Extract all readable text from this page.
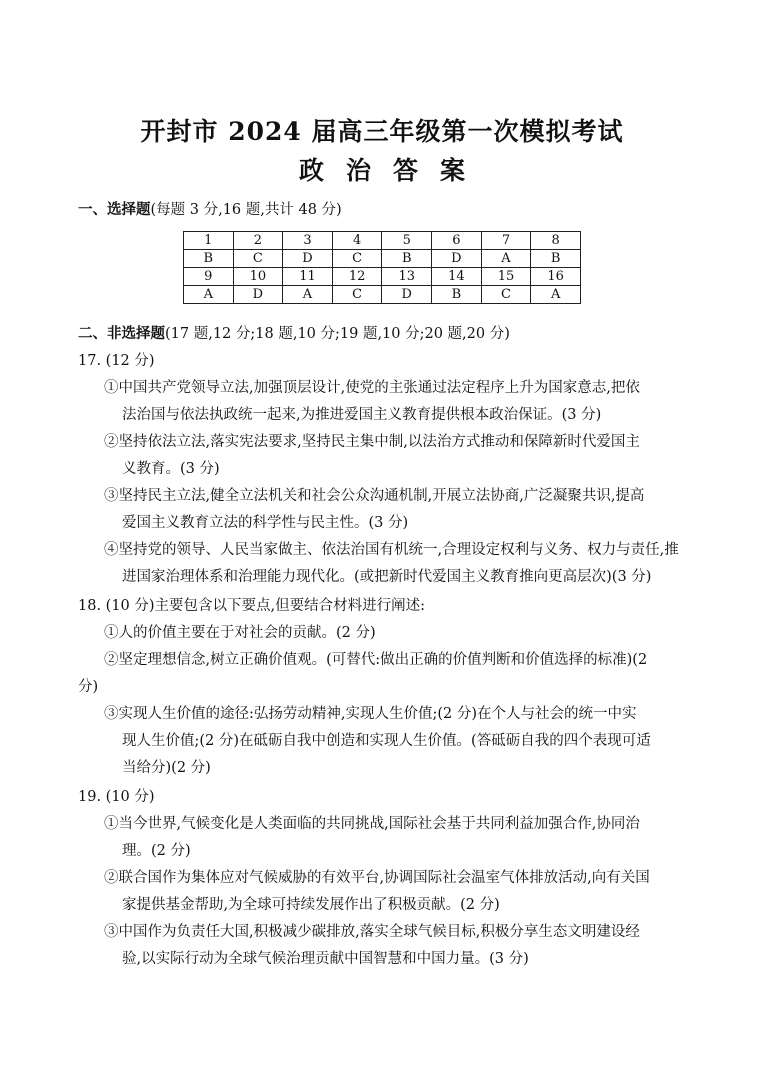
开封市 2024 届高三年级第一次模拟考试
政治答案

一、选择题(每题 3 分,16 题,共计 48 分)

1	2	3	4	5	6	7	8
B	C	D	C	B	D	A	B
9	10	11	12	13	14	15	16
A	D	A	C	D	B	C	A

二、非选择题(17 题,12 分;18 题,10 分;19 题,10 分;20 题,20 分)

17. (12 分)

①中国共产党领导立法,加强顶层设计,使党的主张通过法定程序上升为国家意志,把依

法治国与依法执政统一起来,为推进爱国主义教育提供根本政治保证。(3 分)

②坚持依法立法,落实宪法要求,坚持民主集中制,以法治方式推动和保障新时代爱国主

义教育。(3 分)

③坚持民主立法,健全立法机关和社会公众沟通机制,开展立法协商,广泛凝聚共识,提高

爱国主义教育立法的科学性与民主性。(3 分)

④坚持党的领导、人民当家做主、依法治国有机统一,合理设定权利与义务、权力与责任,推

进国家治理体系和治理能力现代化。(或把新时代爱国主义教育推向更高层次)(3 分)

18. (10 分)主要包含以下要点,但要结合材料进行阐述:

①人的价值主要在于对社会的贡献。(2 分)

②坚定理想信念,树立正确价值观。(可替代:做出正确的价值判断和价值选择的标准)(2

分)

③实现人生价值的途径:弘扬劳动精神,实现人生价值;(2 分)在个人与社会的统一中实

现人生价值;(2 分)在砥砺自我中创造和实现人生价值。(答砥砺自我的四个表现可适

当给分)(2 分)

19. (10 分)

①当今世界,气候变化是人类面临的共同挑战,国际社会基于共同利益加强合作,协同治

理。(2 分)

②联合国作为集体应对气候威胁的有效平台,协调国际社会温室气体排放活动,向有关国

家提供基金帮助,为全球可持续发展作出了积极贡献。(2 分)

③中国作为负责任大国,积极减少碳排放,落实全球气候目标,积极分享生态文明建设经

验,以实际行动为全球气候治理贡献中国智慧和中国力量。(3 分)
